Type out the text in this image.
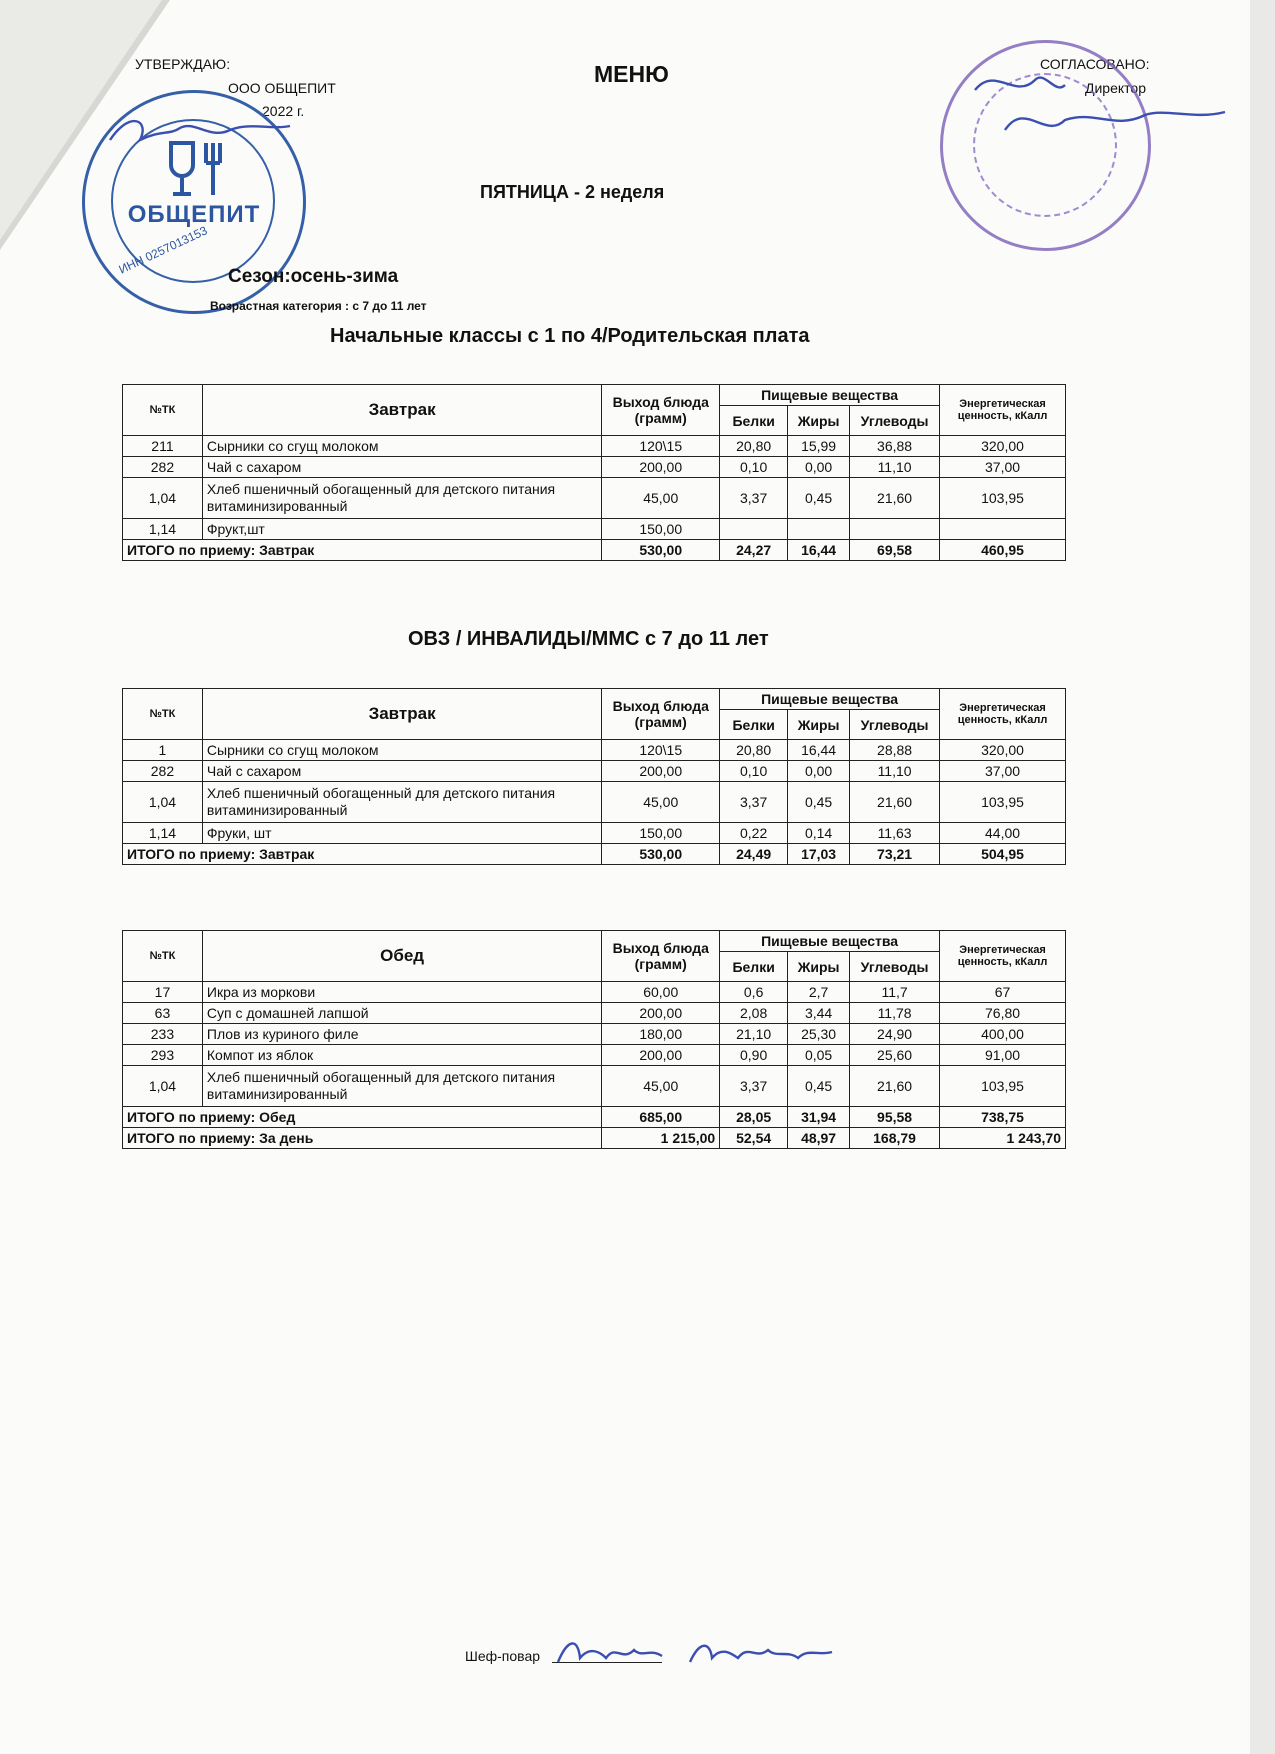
УТВЕРЖДАЮ:
ООО ОБЩЕПИТ
2022 г.
ОБЩЕПИТ
ИНН 0257013153
МЕНЮ	СОГЛАСОВАНО:
Директор
ПЯТНИЦА - 2 неделя
Сезон:осень-зима
Возрастная категория : с 7 до 11 лет
Начальные классы с 1 по 4/Родительская плата
№ТК	Завтрак	Выход блюда (грамм)	Пищевые вещества			Энергетическая ценность, кКалл
			Белки	Жиры	Углеводы	
211	Сырники со сгущ молоком	120\15	20,80	15,99	36,88	320,00
282	Чай с сахаром	200,00	0,10	0,00	11,10	37,00
1,04	Хлеб пшеничный обогащенный для детского питания витаминизированный	45,00	3,37	0,45	21,60	103,95
1,14	Фрукт,шт	150,00				
ИТОГО по приему: Завтрак		530,00	24,27	16,44	69,58	460,95
ОВЗ / ИНВАЛИДЫ/ММС с 7 до 11 лет
№ТК	Завтрак	Выход блюда (грамм)	Пищевые вещества			Энергетическая ценность, кКалл
			Белки	Жиры	Углеводы	
1	Сырники со сгущ молоком	120\15	20,80	16,44	28,88	320,00
282	Чай с сахаром	200,00	0,10	0,00	11,10	37,00
1,04	Хлеб пшеничный обогащенный для детского питания витаминизированный	45,00	3,37	0,45	21,60	103,95
1,14	Фруки, шт	150,00	0,22	0,14	11,63	44,00
ИТОГО по приему: Завтрак		530,00	24,49	17,03	73,21	504,95
№ТК	Обед	Выход блюда (грамм)	Пищевые вещества			Энергетическая ценность, кКалл
			Белки	Жиры	Углеводы	
17	Икра из моркови	60,00	0,6	2,7	11,7	67
63	Суп с домашней лапшой	200,00	2,08	3,44	11,78	76,80
233	Плов из куриного филе	180,00	21,10	25,30	24,90	400,00
293	Компот из яблок	200,00	0,90	0,05	25,60	91,00
1,04	Хлеб пшеничный обогащенный для детского питания витаминизированный	45,00	3,37	0,45	21,60	103,95
ИТОГО по приему: Обед		685,00	28,05	31,94	95,58	738,75
ИТОГО по приему: За день		1 215,00	52,54	48,97	168,79	1 243,70
Шеф-повар
